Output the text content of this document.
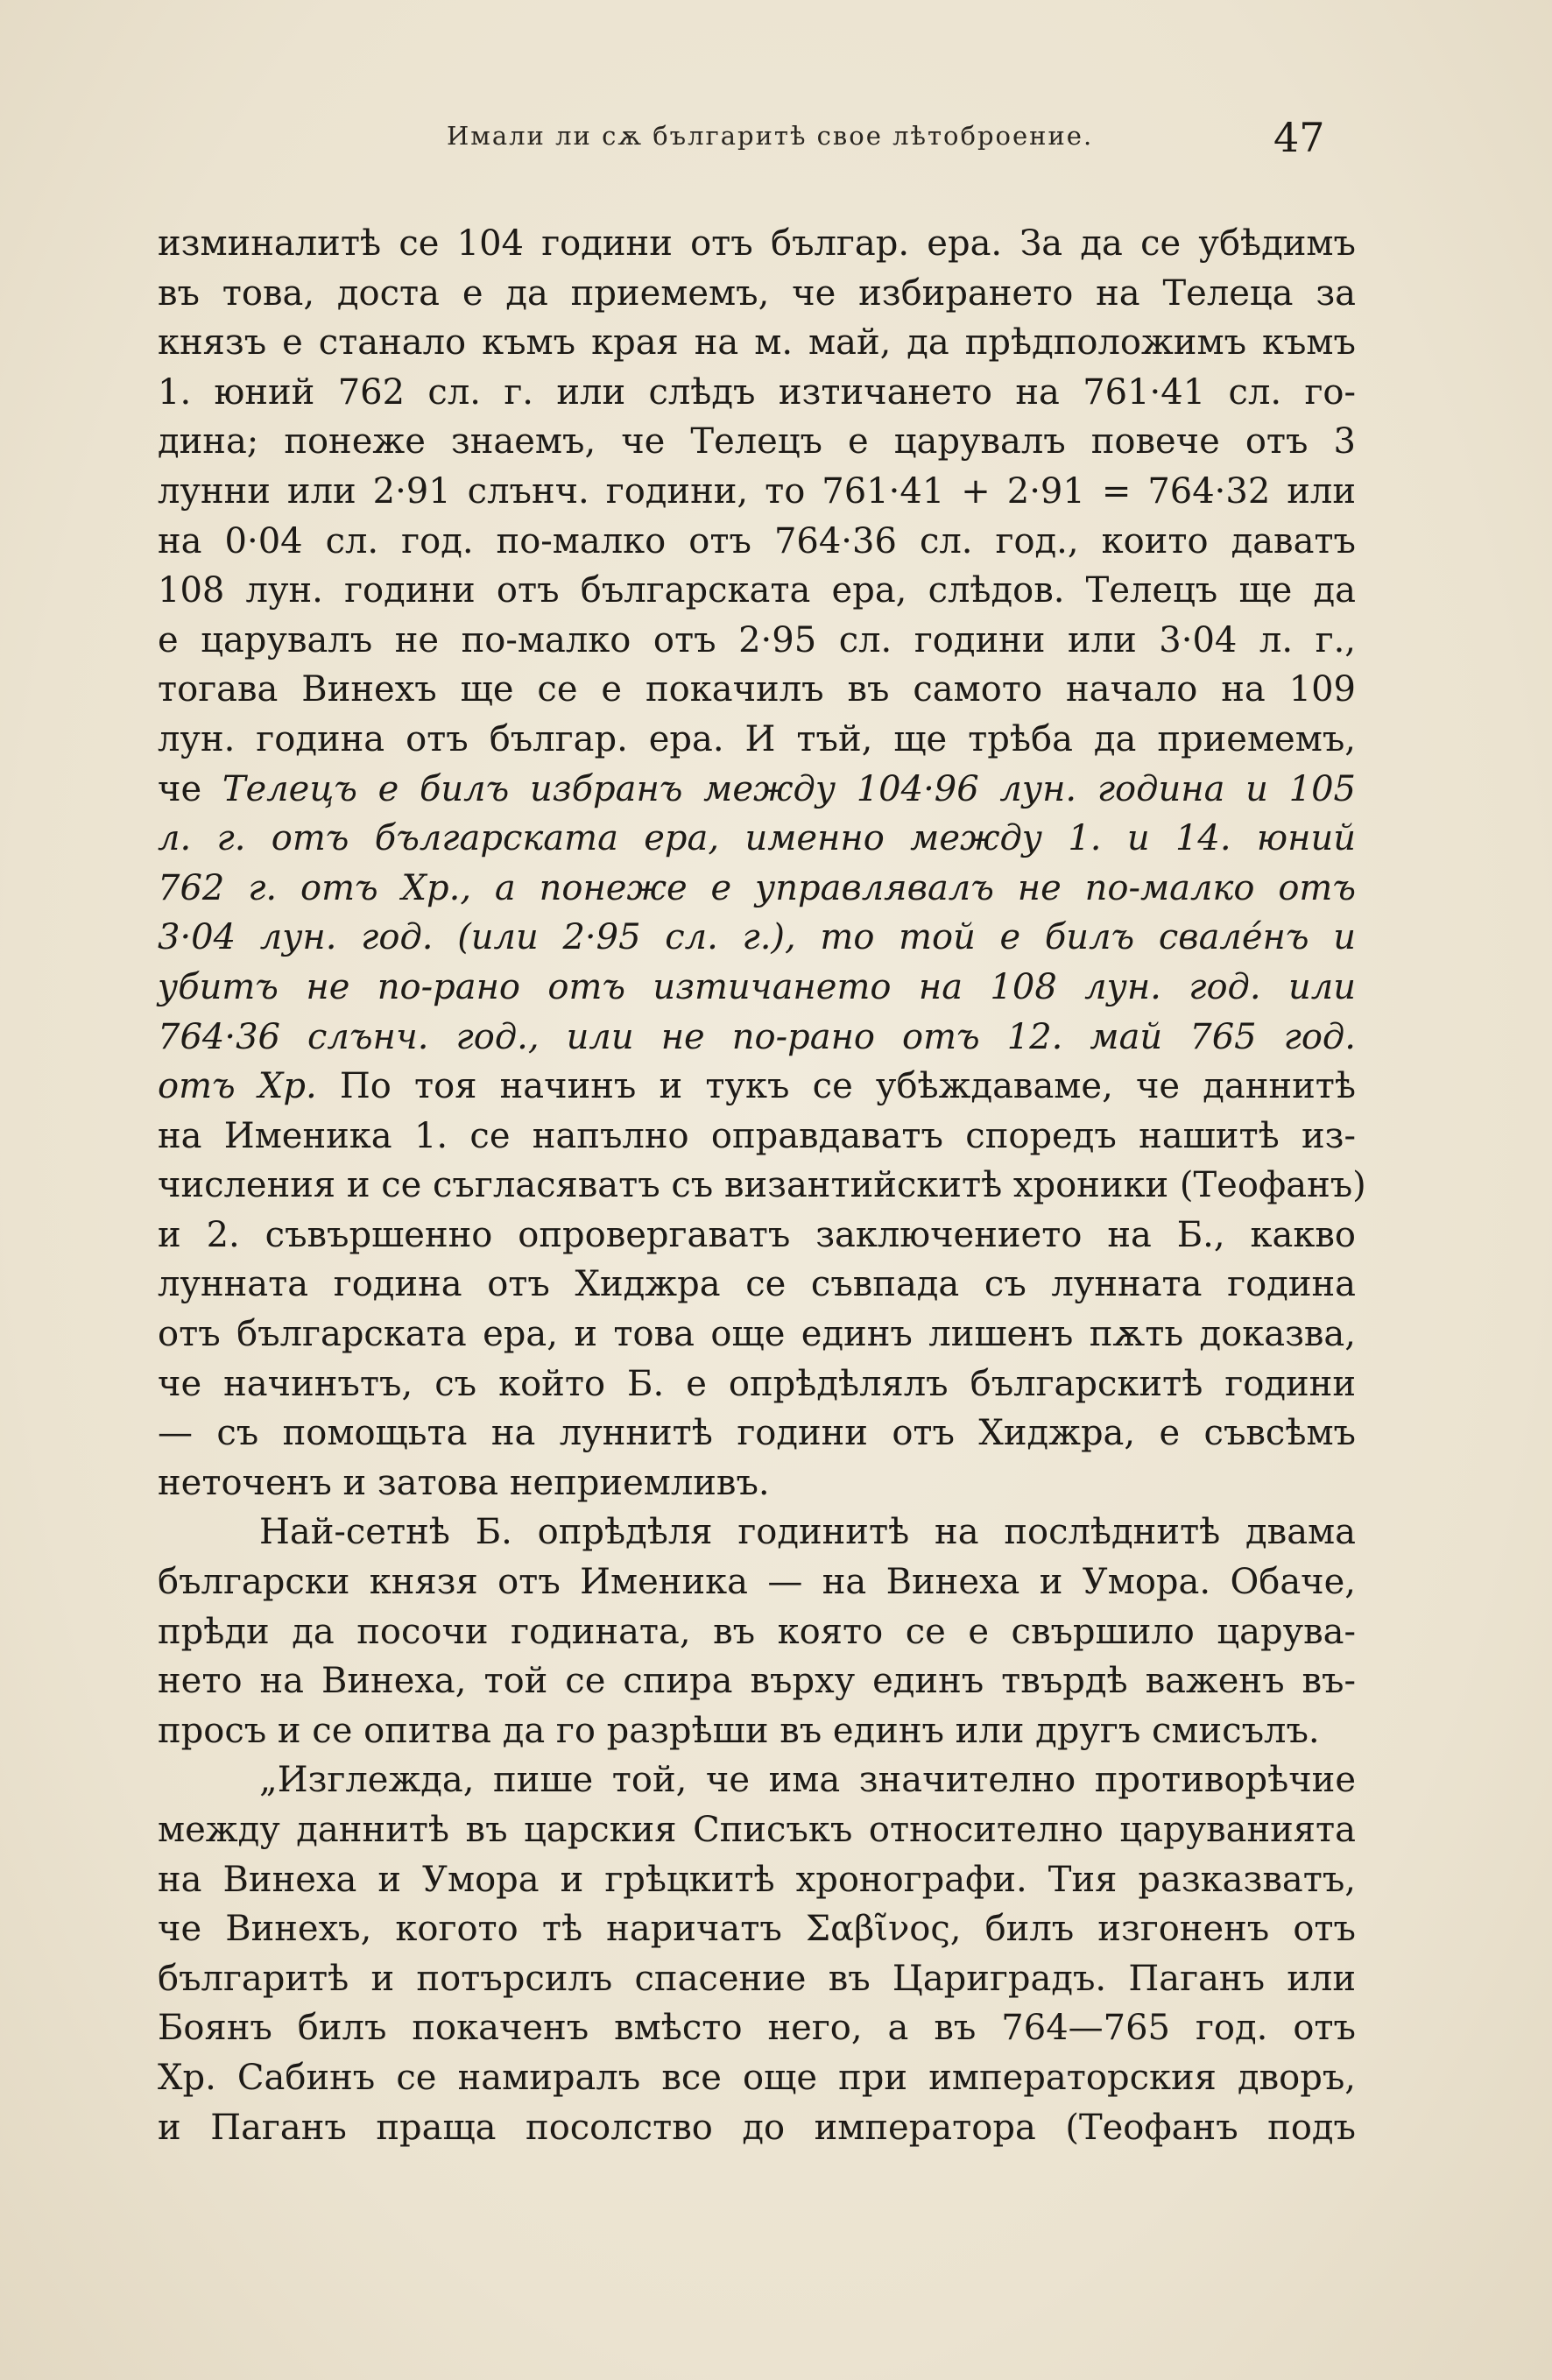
Имали ли сѫ българитѣ свое лѣтоброение.	47
изминалитѣ се 104 години отъ българ. ера. За да се убѣдимъ
въ това, доста е да приемемъ, че избирането на Телеца за
князъ е станало къмъ края на м. май, да прѣдположимъ къмъ
1. юний 762 сл. г. или слѣдъ изтичането на 761·41 сл. го-
дина; понеже знаемъ, че Телецъ е царувалъ повече отъ 3
лунни или 2·91 слънч. години, то 761·41 + 2·91 = 764·32 или
на 0·04 сл. год. по-малко отъ 764·36 сл. год., които даватъ
108 лун. години отъ българската ера, слѣдов. Телецъ ще да
е царувалъ не по-малко отъ 2·95 сл. години или 3·04 л. г.,
тогава Винехъ ще се е покачилъ въ самото начало на 109
лун. година отъ българ. ера. И тъй, ще трѣба да приемемъ,
че Телецъ е билъ избранъ между 104·96 лун. година и 105
л. г. отъ българската ера, именно между 1. и 14. юний
762 г. отъ Хр., а понеже е управлявалъ не по-малко отъ
3·04 лун. год. (или 2·95 сл. г.), то той е билъ свалéнъ и
убитъ не по-рано отъ изтичането на 108 лун. год. или
764·36 слънч. год., или не по-рано отъ 12. май 765 год.
отъ Хр. По тоя начинъ и тукъ се убѣждаваме, че даннитѣ
на Именика 1. се напълно оправдаватъ споредъ нашитѣ из-
числения и се съгласяватъ съ византийскитѣ хроники (Теофанъ)
и 2. съвършенно опровергаватъ заключението на Б., какво
лунната година отъ Хиджра се съвпада съ лунната година
отъ българската ера, и това още единъ лишенъ пѫть доказва,
че начинътъ, съ който Б. е опрѣдѣлялъ българскитѣ години
— съ помощьта на луннитѣ години отъ Хиджра, е съвсѣмъ
неточенъ и затова неприемливъ.
Най-сетнѣ Б. опрѣдѣля годинитѣ на послѣднитѣ двама
български князя отъ Именика — на Винеха и Умора. Обаче,
прѣди да посочи годината, въ която се е свършило царува-
нето на Винеха, той се спира върху единъ твърдѣ важенъ въ-
просъ и се опитва да го разрѣши въ единъ или другъ смисълъ.
„Изглежда, пише той, че има значително противорѣчие
между даннитѣ въ царския Списъкъ относително царуванията
на Винеха и Умора и грѣцкитѣ хронографи. Тия разказватъ,
че Винехъ, когото тѣ наричатъ Σαβῖνος, билъ изгоненъ отъ
българитѣ и потърсилъ спасение въ Цариградъ. Паганъ или
Боянъ билъ покаченъ вмѣсто него, а въ 764—765 год. отъ
Хр. Сабинъ се намиралъ все още при императорския дворъ,
и Паганъ праща посолство до императора (Теофанъ подъ
